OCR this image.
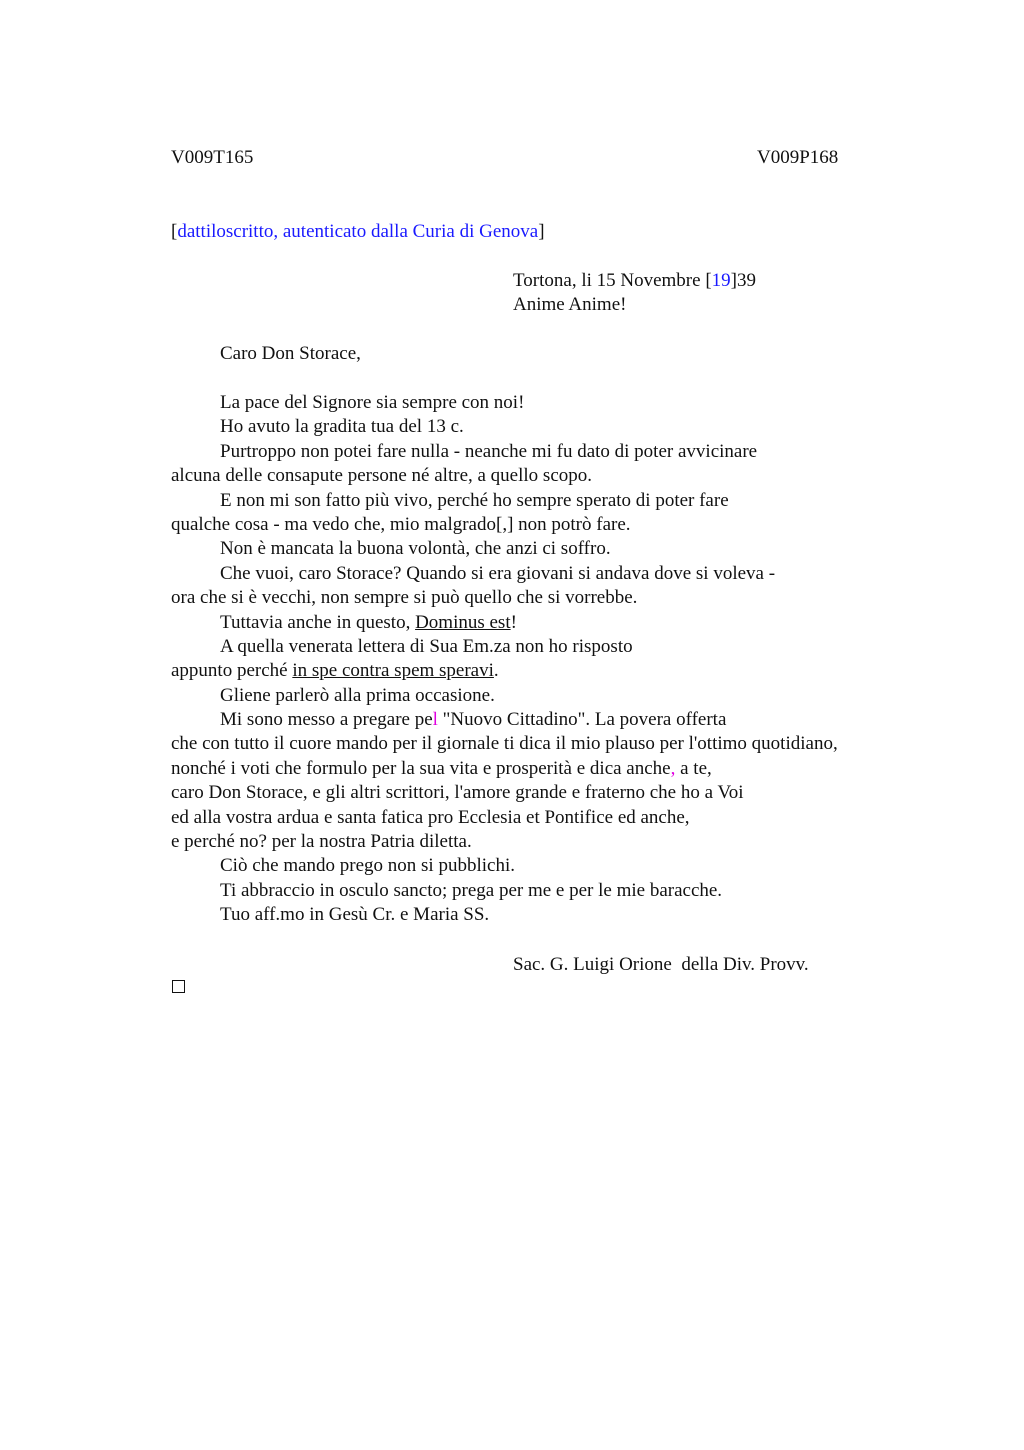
V009T165	V009P168
[dattiloscritto, autenticato dalla Curia di Genova]
Tortona, li 15 Novembre [19]39
Anime Anime!
Caro Don Storace,
La pace del Signore sia sempre con noi!
Ho avuto la gradita tua del 13 c.
Purtroppo non potei fare nulla - neanche mi fu dato di poter avvicinare
alcuna delle consapute persone né altre, a quello scopo.
E non mi son fatto più vivo, perché ho sempre sperato di poter fare
qualche cosa - ma vedo che, mio malgrado[,] non potrò fare.
Non è mancata la buona volontà, che anzi ci soffro.
Che vuoi, caro Storace? Quando si era giovani si andava dove si voleva -
ora che si è vecchi, non sempre si può quello che si vorrebbe.
Tuttavia anche in questo, Dominus est!
A quella venerata lettera di Sua Em.za non ho risposto
appunto perché in spe contra spem speravi.
Gliene parlerò alla prima occasione.
Mi sono messo a pregare pel "Nuovo Cittadino". La povera offerta
che con tutto il cuore mando per il giornale ti dica il mio plauso per l'ottimo quotidiano,
nonché i voti che formulo per la sua vita e prosperità e dica anche, a te,
caro Don Storace, e gli altri scrittori, l'amore grande e fraterno che ho a Voi
ed alla vostra ardua e santa fatica pro Ecclesia et Pontifice ed anche,
e perché no? per la nostra Patria diletta.
Ciò che mando prego non si pubblichi.
Ti abbraccio in osculo sancto; prega per me e per le mie baracche.
Tuo aff.mo in Gesù Cr. e Maria SS.
Sac. G. Luigi Orione  della Div. Provv.
